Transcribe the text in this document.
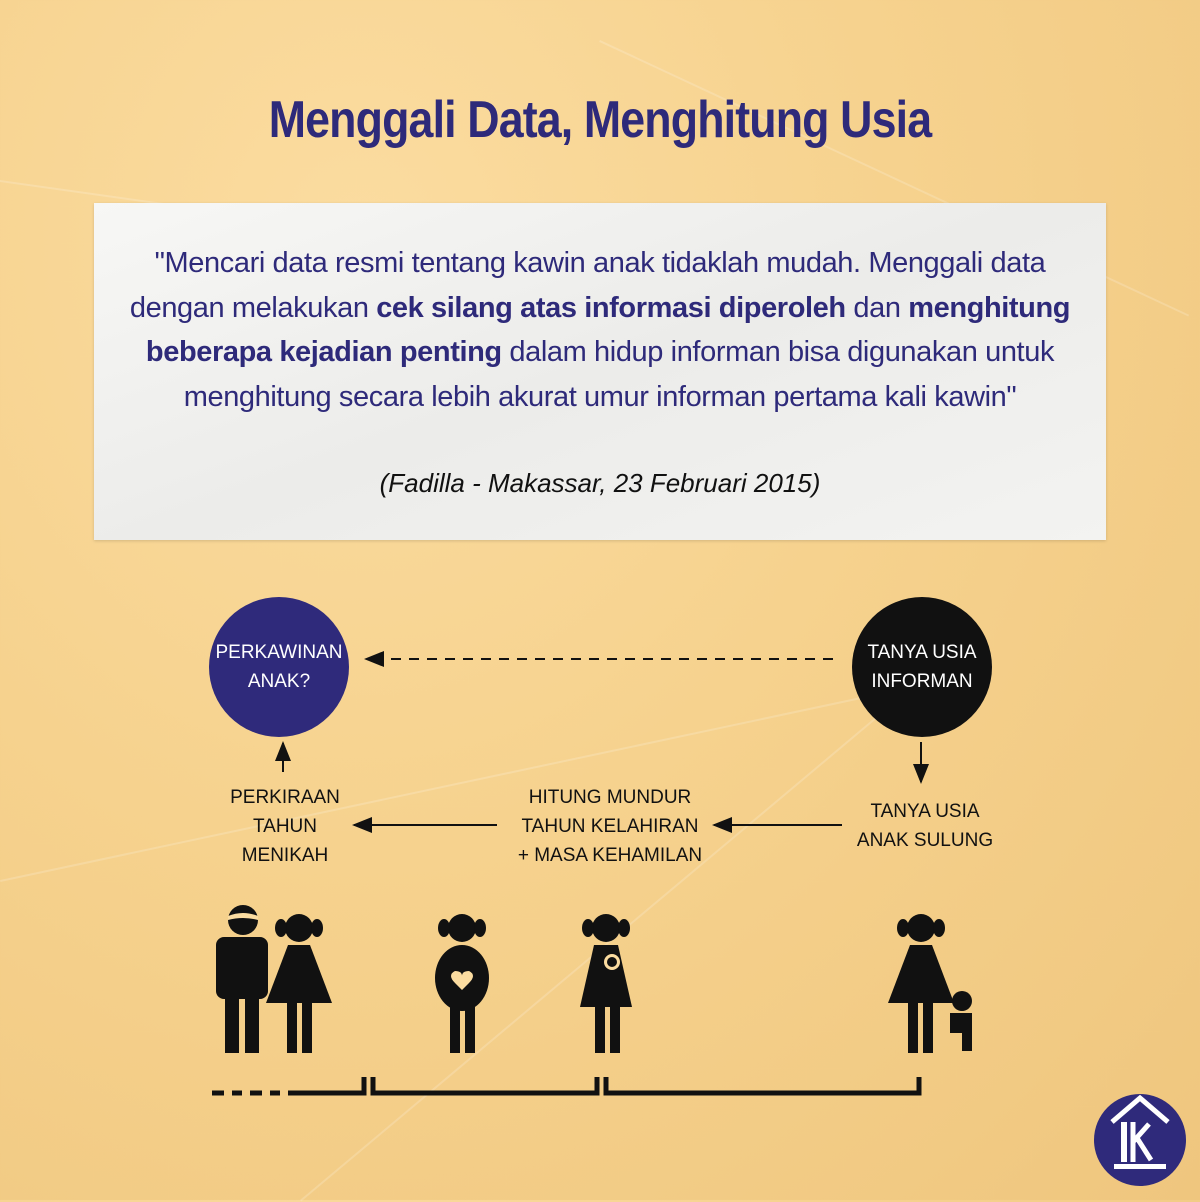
Menggali Data, Menghitung Usia
"Mencari data resmi tentang kawin anak tidaklah mudah. Menggali data dengan melakukan cek silang atas informasi diperoleh dan menghitung beberapa kejadian penting dalam hidup informan bisa digunakan untuk menghitung secara lebih akurat umur informan pertama kali kawin"
(Fadilla - Makassar, 23 Februari 2015)
PERKAWINAN
ANAK?
TANYA USIA
INFORMAN
PERKIRAAN
TAHUN
MENIKAH
HITUNG MUNDUR
TAHUN KELAHIRAN
+ MASA KEHAMILAN
TANYA USIA
ANAK SULUNG
